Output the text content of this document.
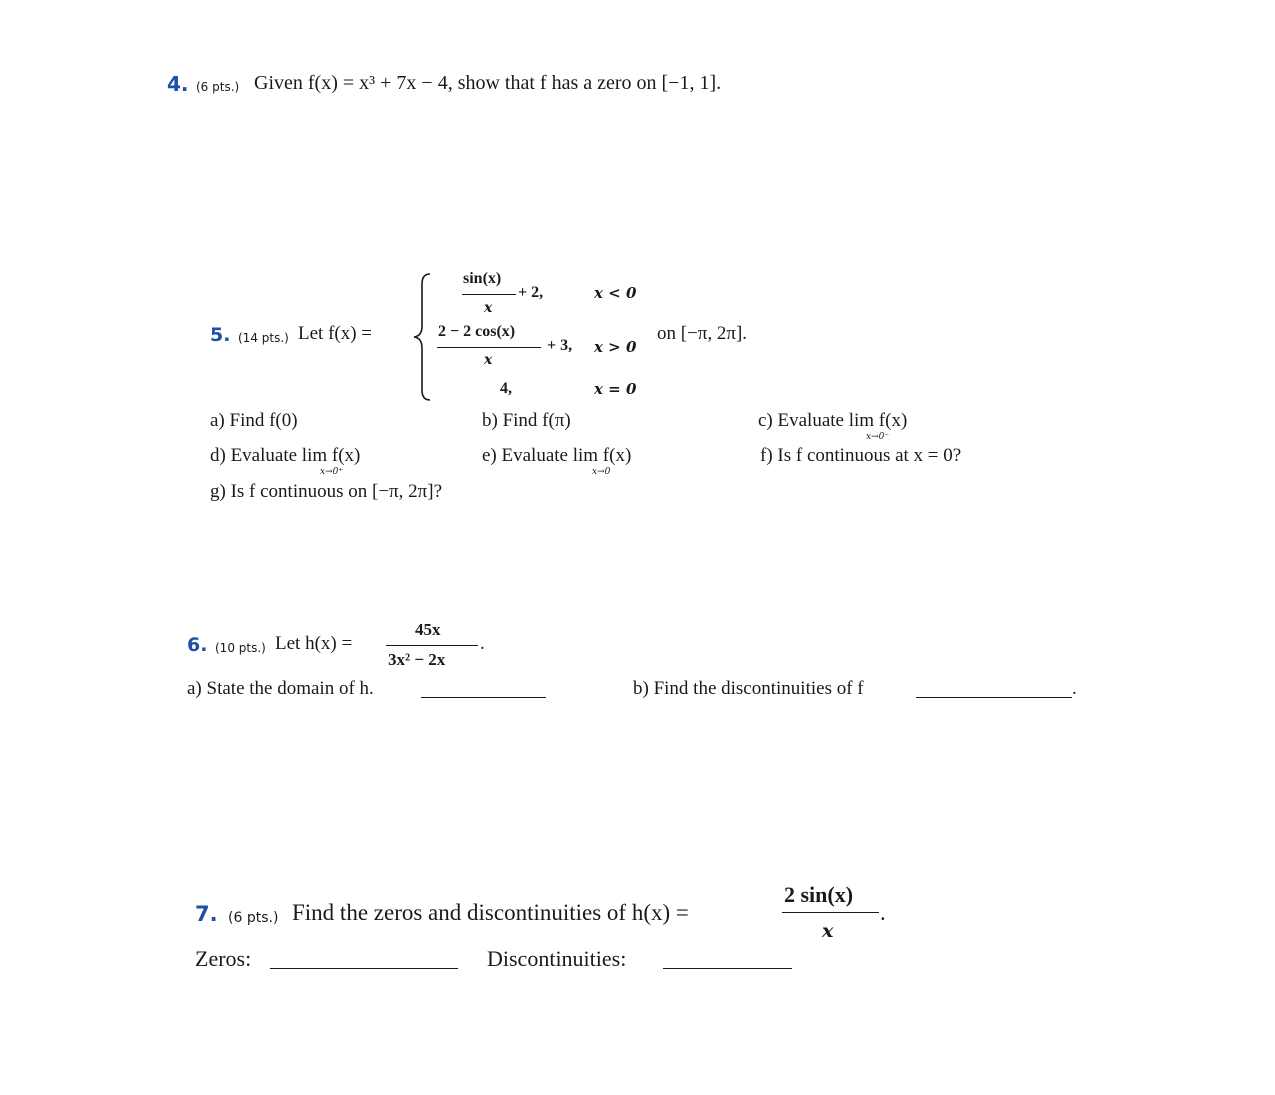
4. (6 pts.) Given f(x) = x³ + 7x − 4, show that f has a zero on [−1, 1].
5. (14 pts.) Let f(x) =
sin(x)
x
+ 2,	x < 0
2 − 2 cos(x)
x
+ 3, x > 0
4,	x = 0
on [−π, 2π].
a) Find f(0)	b) Find f(π)	c) Evaluate lim f(x)
x→0⁻
d) Evaluate lim f(x)
x→0⁺
e) Evaluate lim f(x)
x→0
f) Is f continuous at x = 0?
g) Is f continuous on [−π, 2π]?
6. (10 pts.) Let h(x) =
45x
3x² − 2x
.
a) State the domain of h.	b) Find the discontinuities of f	.
7. (6 pts.) Find the zeros and discontinuities of h(x) =
2 sin(x)
x
.
Zeros:	Discontinuities:
